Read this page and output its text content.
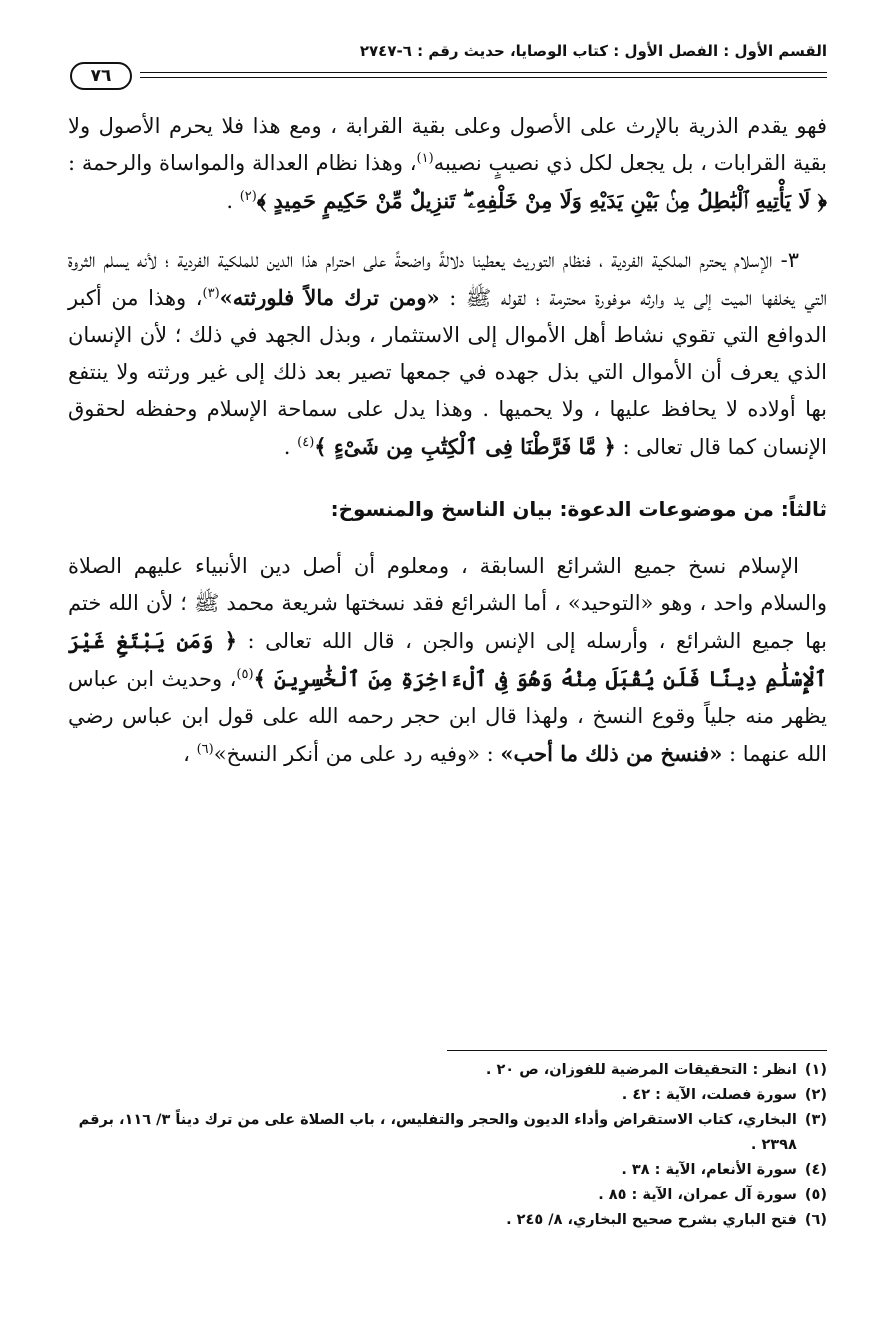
القسم الأول : الفصل الأول : كتاب الوصايا، حديث رقم : ٦-٢٧٤٧
٧٦

فهو يقدم الذرية بالإرث على الأصول وعلى بقية القرابة ، ومع هذا فلا يحرم الأصول ولا بقية القرابات ، بل يجعل لكل ذي نصيبٍ نصيبه$^{(١)}$، وهذا نظام العدالة والمواساة والرحمة : ﴿ لَا يَأْتِيهِ ٱلْبَٰطِلُ مِنۢ بَيْنِ يَدَيْهِ وَلَا مِنْ خَلْفِهِۦ ۖ تَنزِيلٌ مِّنْ حَكِيمٍ حَمِيدٍ ﴾$^{(٢)}$ .

٣- الإسلام يحترم الملكية الفردية ، فنظام التوريث يعطينا دلالةً واضحةً على احترام هذا الدين للملكية الفردية ؛ لأنه يسلم الثروة التي يخلفها الميت إلى يد وارثه موفورة محترمة ؛ لقوله ﷺ : «ومن ترك مالاً فلورثته»$^{(٣)}$، وهذا من أكبر الدوافع التي تقوي نشاط أهل الأموال إلى الاستثمار ، وبذل الجهد في ذلك ؛ لأن الإنسان الذي يعرف أن الأموال التي بذل جهده في جمعها تصير بعد ذلك إلى غير ورثته ولا ينتفع بها أولاده لا يحافظ عليها ، ولا يحميها . وهذا يدل على سماحة الإسلام وحفظه لحقوق الإنسان كما قال تعالى : ﴿ مَّا فَرَّطْنَا فِى ٱلْكِتَٰبِ مِن شَىْءٍ ﴾$^{(٤)}$ .

ثالثاً: من موضوعات الدعوة: بيان الناسخ والمنسوخ:

الإسلام نسخ جميع الشرائع السابقة ، ومعلوم أن أصل دين الأنبياء عليهم الصلاة والسلام واحد ، وهو «التوحيد» ، أما الشرائع فقد نسختها شريعة محمد ﷺ ؛ لأن الله ختم بها جميع الشرائع ، وأرسله إلى الإنس والجن ، قال الله تعالى : ﴿ وَمَن يَبْتَغِ غَيْرَ ٱلْإِسْلَٰمِ دِينًا فَلَن يُقْبَلَ مِنْهُ وَهُوَ فِى ٱلْءَاخِرَةِ مِنَ ٱلْخَٰسِرِينَ ﴾$^{(٥)}$، وحديث ابن عباس يظهر منه جلياً وقوع النسخ ، ولهذا قال ابن حجر رحمه الله على قول ابن عباس رضي الله عنهما : «فنسخ من ذلك ما أحب» : «وفيه رد على من أنكر النسخ»$^{(٦)}$ ،

(١)
انظر : التحقيقات المرضية للفوزان، ص ٢٠ .

(٢)
سورة فصلت، الآية : ٤٢ .

(٣)
البخاري، كتاب الاستقراض وأداء الديون والحجر والتفليس، ، باب الصلاة على من ترك ديناً ٣/ ١١٦، برقم ٢٣٩٨ .

(٤)
سورة الأنعام، الآية : ٣٨ .

(٥)
سورة آل عمران، الآية : ٨٥ .

(٦)
فتح الباري بشرح صحيح البخاري، ٨/ ٢٤٥ .
